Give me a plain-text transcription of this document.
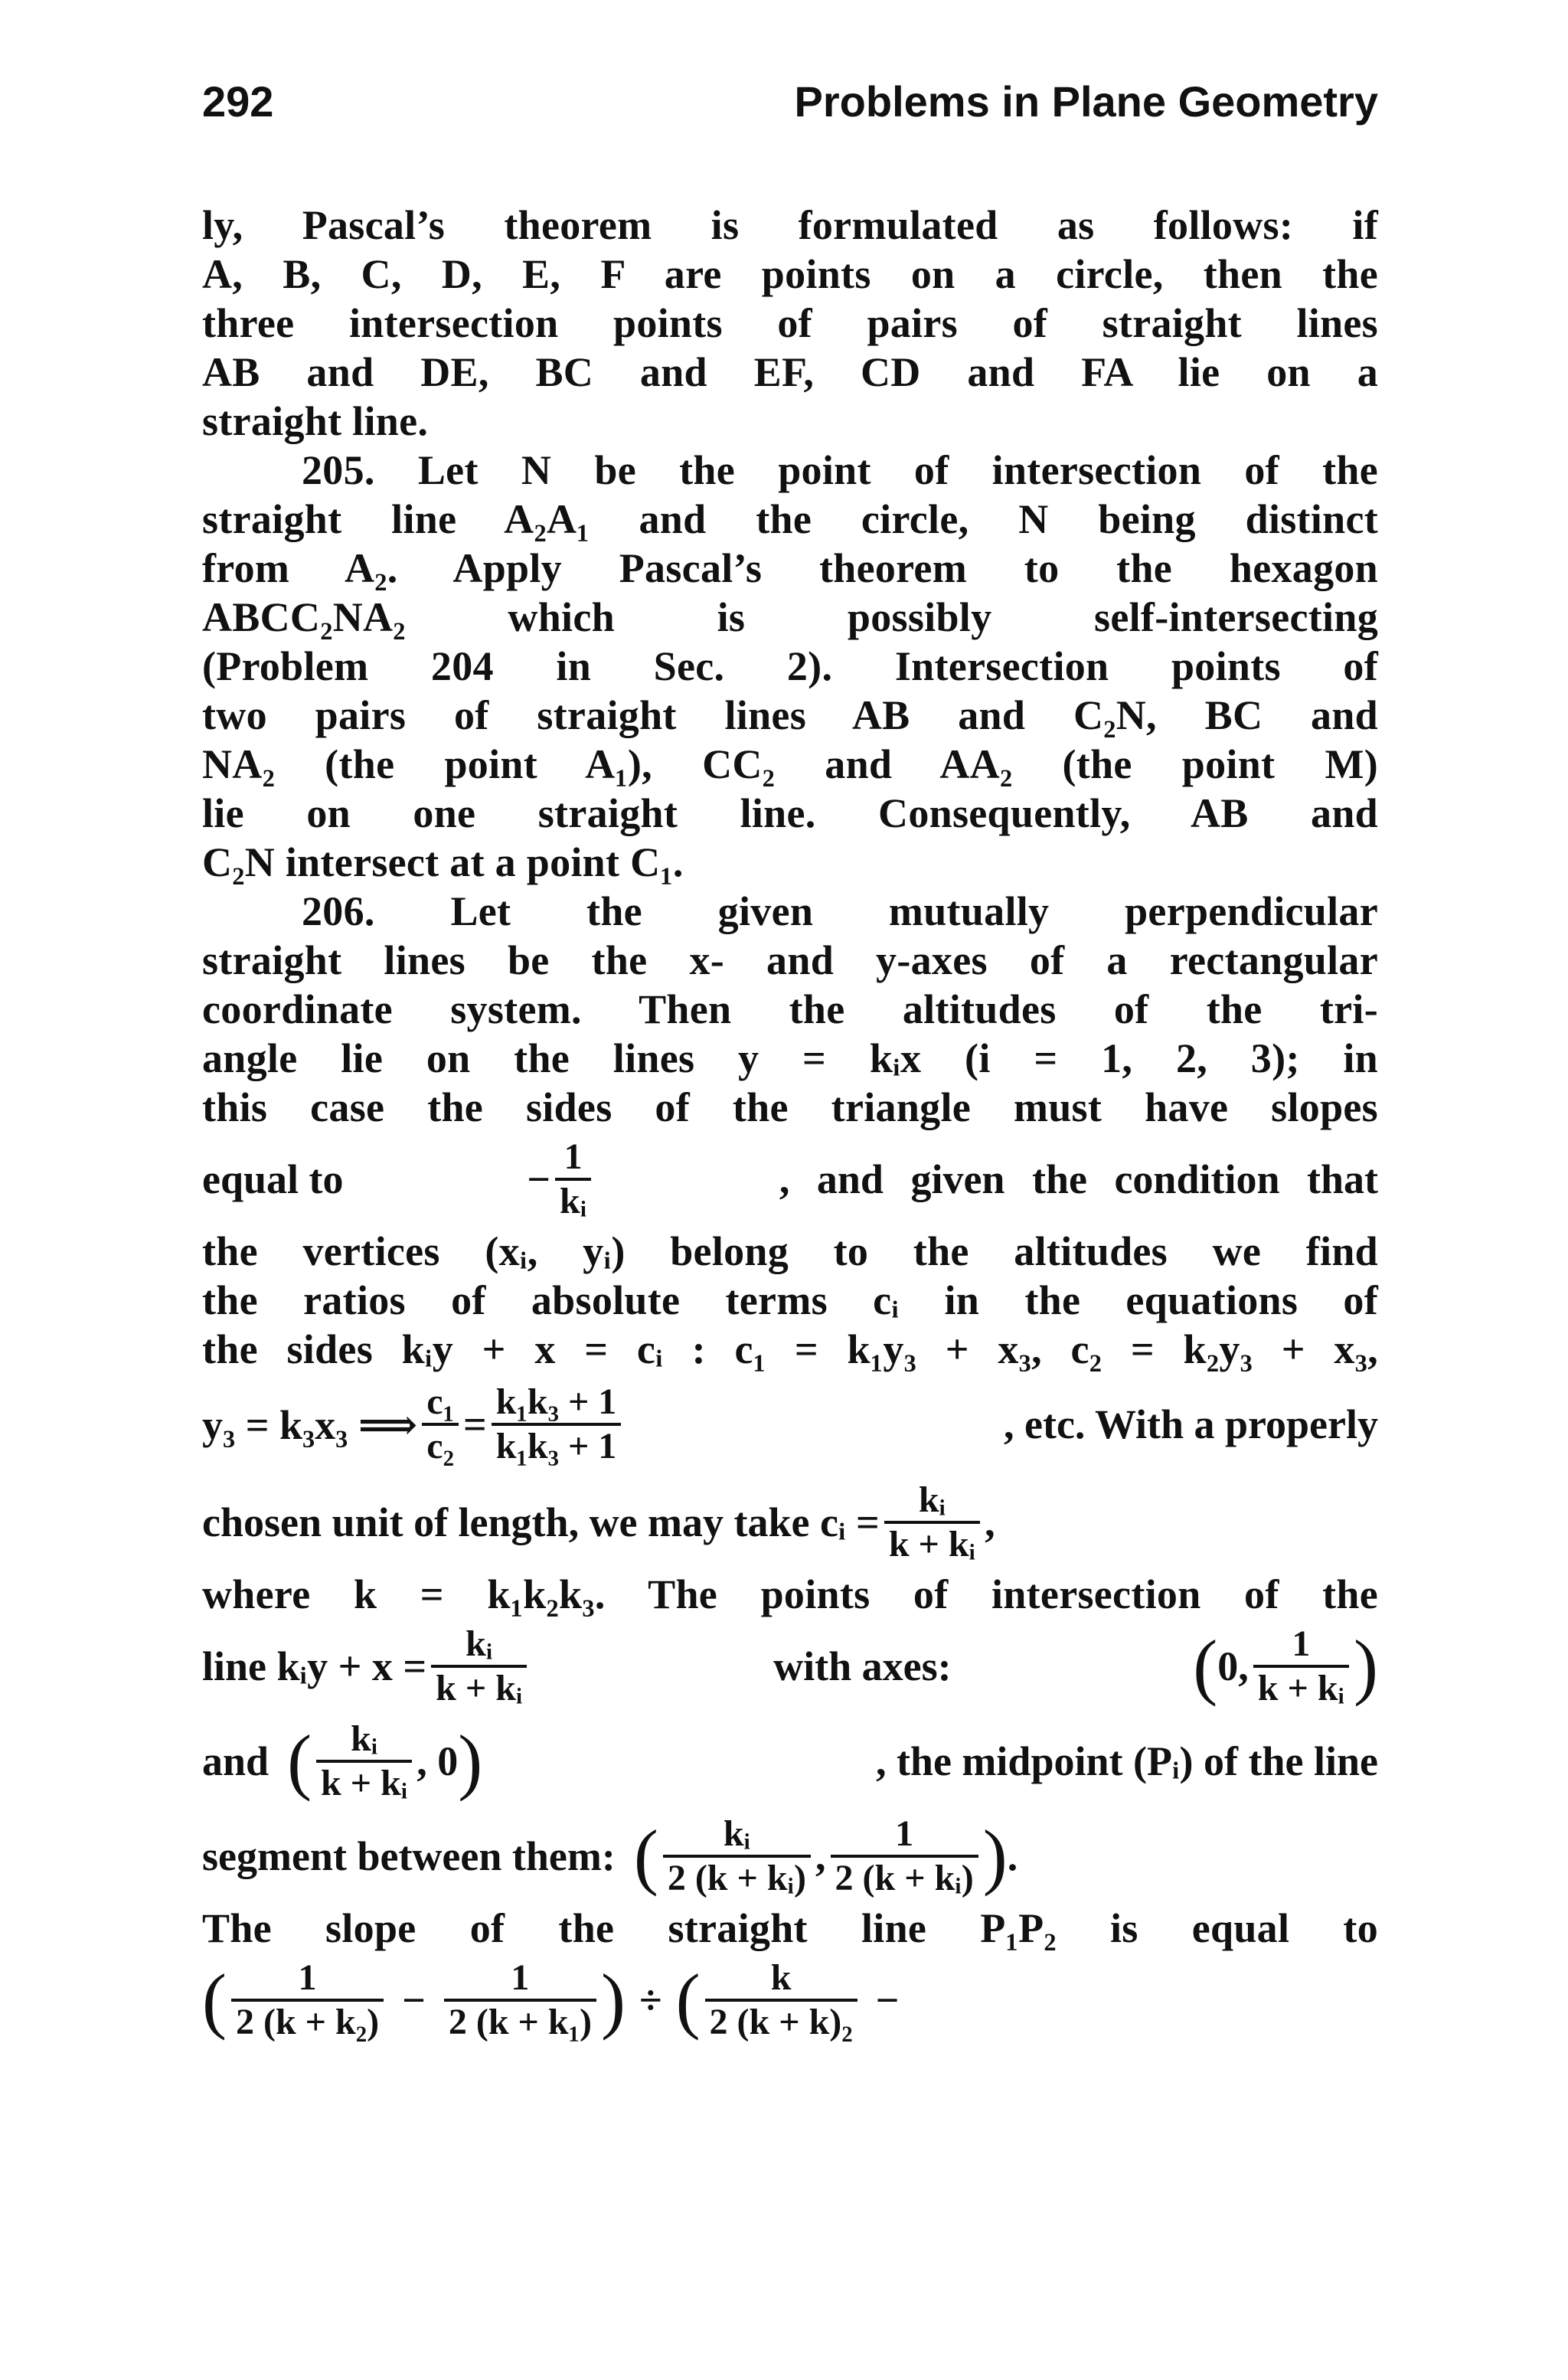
292	Problems in Plane Geometry
ly, Pascal’s theorem is formulated as follows: if
A, B, C, D, E, F are points on a circle, then the
three intersection points of pairs of straight lines
AB and DE, BC and EF, CD and FA lie on a
straight line.
205. Let N be the point of intersection of the
straight line A₂A₁ and the circle, N being distinct
from A₂. Apply Pascal’s theorem to the hexagon
ABCC₂NA₂ which is possibly self-intersecting
(Problem 204 in Sec. 2). Intersection points of
two pairs of straight lines AB and C₂N, BC and
NA₂ (the point A₁), CC₂ and AA₂ (the point M)
lie on one straight line. Consequently, AB and
C₂N intersect at a point C₁.
206. Let the given mutually perpendicular
straight lines be the x- and y-axes of a rectangular
coordinate system. Then the altitudes of the tri-
angle lie on the lines y = kᵢx (i = 1, 2, 3); in
this case the sides of the triangle must have slopes
equal to	− $\frac{1}{\text{kᵢ}}$	, and given the condition that
the vertices (xᵢ, yᵢ) belong to the altitudes we find
the ratios of absolute terms cᵢ in the equations of
the sides kᵢy + x = cᵢ : c₁ = k₁y₃ + x₃, c₂ = k₂y₃ + x₃,
y₃ = k₃x₃ ⟹ $\frac{\text{c₁}}{\text{c₂}} = \frac{\text{k₁k₃ + 1}}{\text{k₁k₃ + 1}}$	, etc. With a properly
chosen unit of length, we may take cᵢ = $\frac{\text{kᵢ}}{\text{k + kᵢ}}$ ,
where k = k₁k₂k₃. The points of intersection of the
line kᵢy + $x = \frac{\text{kᵢ}}{\text{k + kᵢ}}$	with axes:	( 0, $\frac{1}{\text{k + kᵢ}}$ )
and ( $\frac{\text{kᵢ}}{\text{k + kᵢ}}$ , 0 )	, the midpoint (Pᵢ) of the line
segment between them: ( $\frac{\text{kᵢ}}{\text{2 (k + kᵢ)}}$ , $\frac{1}{\text{2 (k + kᵢ)}}$ ) .
The slope of the straight line P₁P₂ is equal to
( $\frac{1}{\text{2 (k + k₂)}} - \frac{1}{\text{2 (k + k₁)}}$ ) ÷ ( $\frac{k}{\text{2 (k + k)₂}}$ −
